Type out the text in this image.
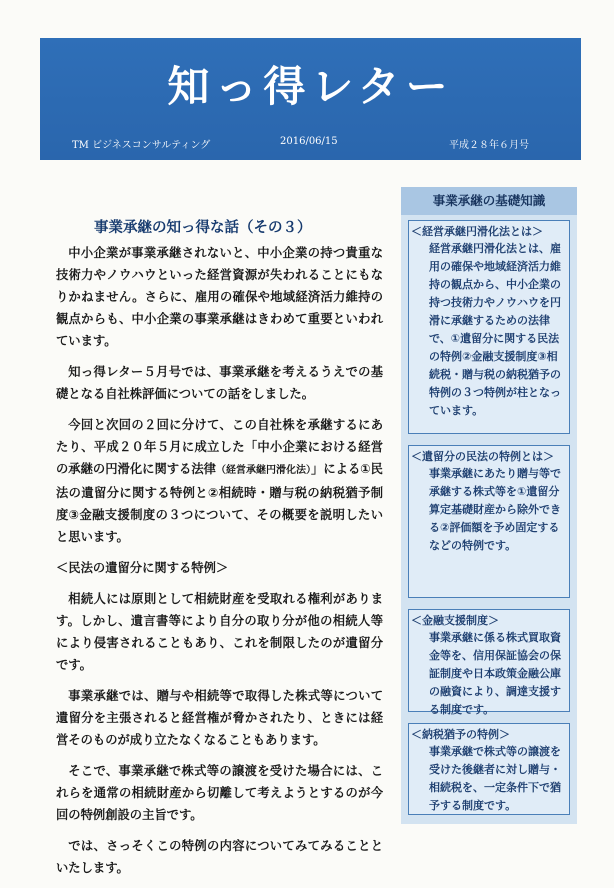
知っ得レター
TM ビジネスコンサルティング	2016/06/15	平成２８年６月号
事業承継の知っ得な話（その３）

中小企業が事業承継されないと、中小企業の持つ貴重な技術力やノウハウといった経営資源が失われることにもなりかねません。さらに、雇用の確保や地域経済活力維持の観点からも、中小企業の事業承継はきわめて重要といわれています。

知っ得レター５月号では、事業承継を考えるうえでの基礎となる自社株評価についての話をしました。

今回と次回の２回に分けて、この自社株を承継するにあたり、平成２０年５月に成立した「中小企業における経営の承継の円滑化に関する法律（経営承継円滑化法）」による①民法の遺留分に関する特例と②相続時・贈与税の納税猶予制度③金融支援制度の３つについて、その概要を説明したいと思います。

＜民法の遺留分に関する特例＞

相続人には原則として相続財産を受取れる権利があります。しかし、遺言書等により自分の取り分が他の相続人等により侵害されることもあり、これを制限したのが遺留分です。

事業承継では、贈与や相続等で取得した株式等について遺留分を主張されると経営権が脅かされたり、ときには経営そのものが成り立たなくなることもあります。

そこで、事業承継で株式等の譲渡を受けた場合には、これらを通常の相続財産から切離して考えようとするのが今回の特例創設の主旨です。

では、さっそくこの特例の内容についてみてみることといたします。

事業承継の基礎知識
＜経営承継円滑化法とは＞
経営承継円滑化法とは、雇用の確保や地域経済活力維持の観点から、中小企業の持つ技術力やノウハウを円滑に承継するための法律で、①遺留分に関する民法の特例②金融支援制度③相続税・贈与税の納税猶予の特例の３つ特例が柱となっています。
＜遺留分の民法の特例とは＞
事業承継にあたり贈与等で承継する株式等を①遺留分算定基礎財産から除外できる②評価額を予め固定するなどの特例です。
＜金融支援制度＞
事業承継に係る株式買取資金等を、信用保証協会の保証制度や日本政策金融公庫の融資により、調達支援する制度です。
＜納税猶予の特例＞
事業承継で株式等の譲渡を受けた後継者に対し贈与・相続税を、一定条件下で猶予する制度です。
